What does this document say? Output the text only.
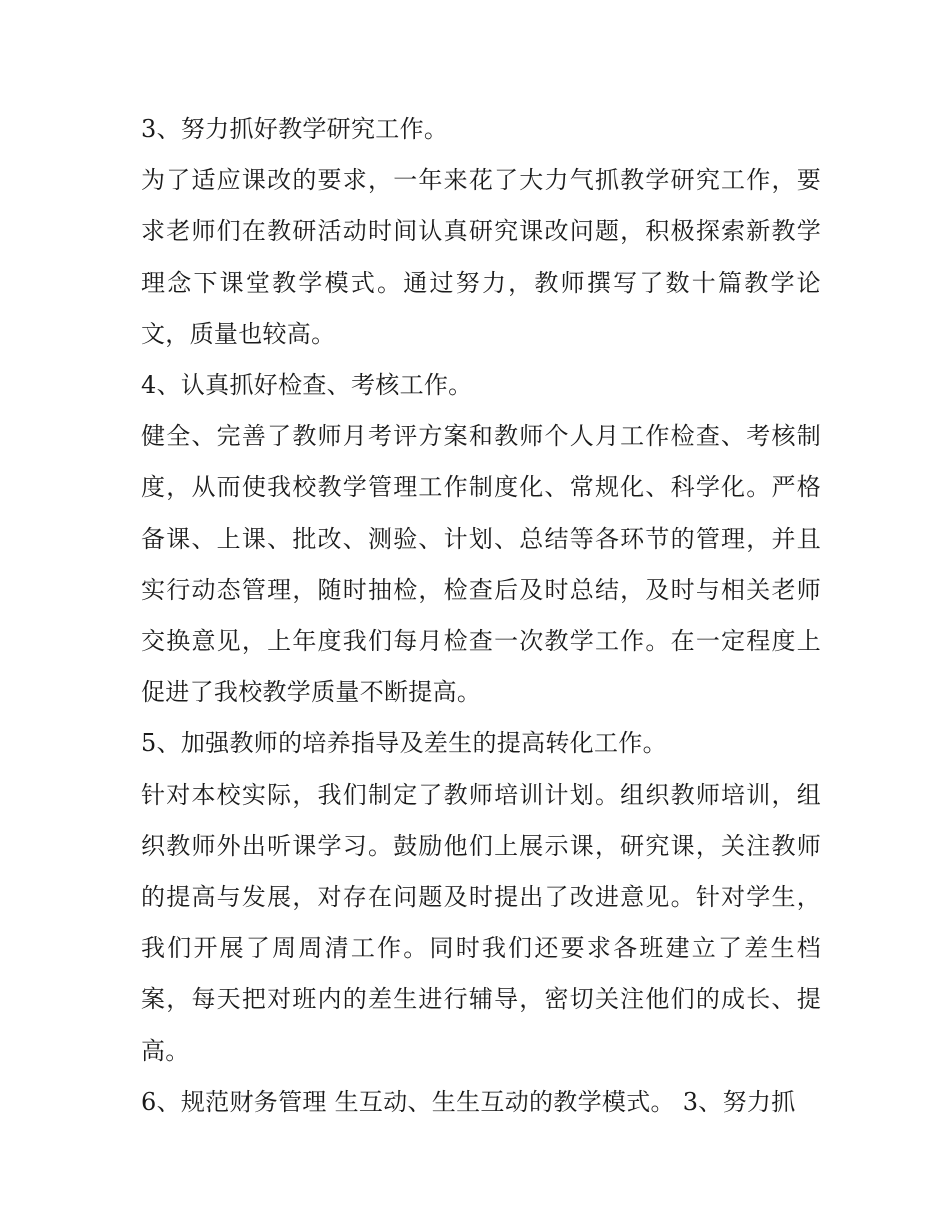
3、努力抓好教学研究工作。

为了适应课改的要求，一年来花了大力气抓教学研究工作，要求老师们在教研活动时间认真研究课改问题，积极探索新教学理念下课堂教学模式。通过努力，教师撰写了数十篇教学论文，质量也较高。

4、认真抓好检查、考核工作。

健全、完善了教师月考评方案和教师个人月工作检查、考核制度，从而使我校教学管理工作制度化、常规化、科学化。严格备课、上课、批改、测验、计划、总结等各环节的管理，并且实行动态管理，随时抽检，检查后及时总结，及时与相关老师交换意见，上年度我们每月检查一次教学工作。在一定程度上促进了我校教学质量不断提高。

5、加强教师的培养指导及差生的提高转化工作。

针对本校实际，我们制定了教师培训计划。组织教师培训，组织教师外出听课学习。鼓励他们上展示课，研究课，关注教师的提高与发展，对存在问题及时提出了改进意见。针对学生，我们开展了周周清工作。同时我们还要求各班建立了差生档案，每天把对班内的差生进行辅导，密切关注他们的成长、提高。

6、规范财务管理 生互动、生生互动的教学模式。 3、努力抓
